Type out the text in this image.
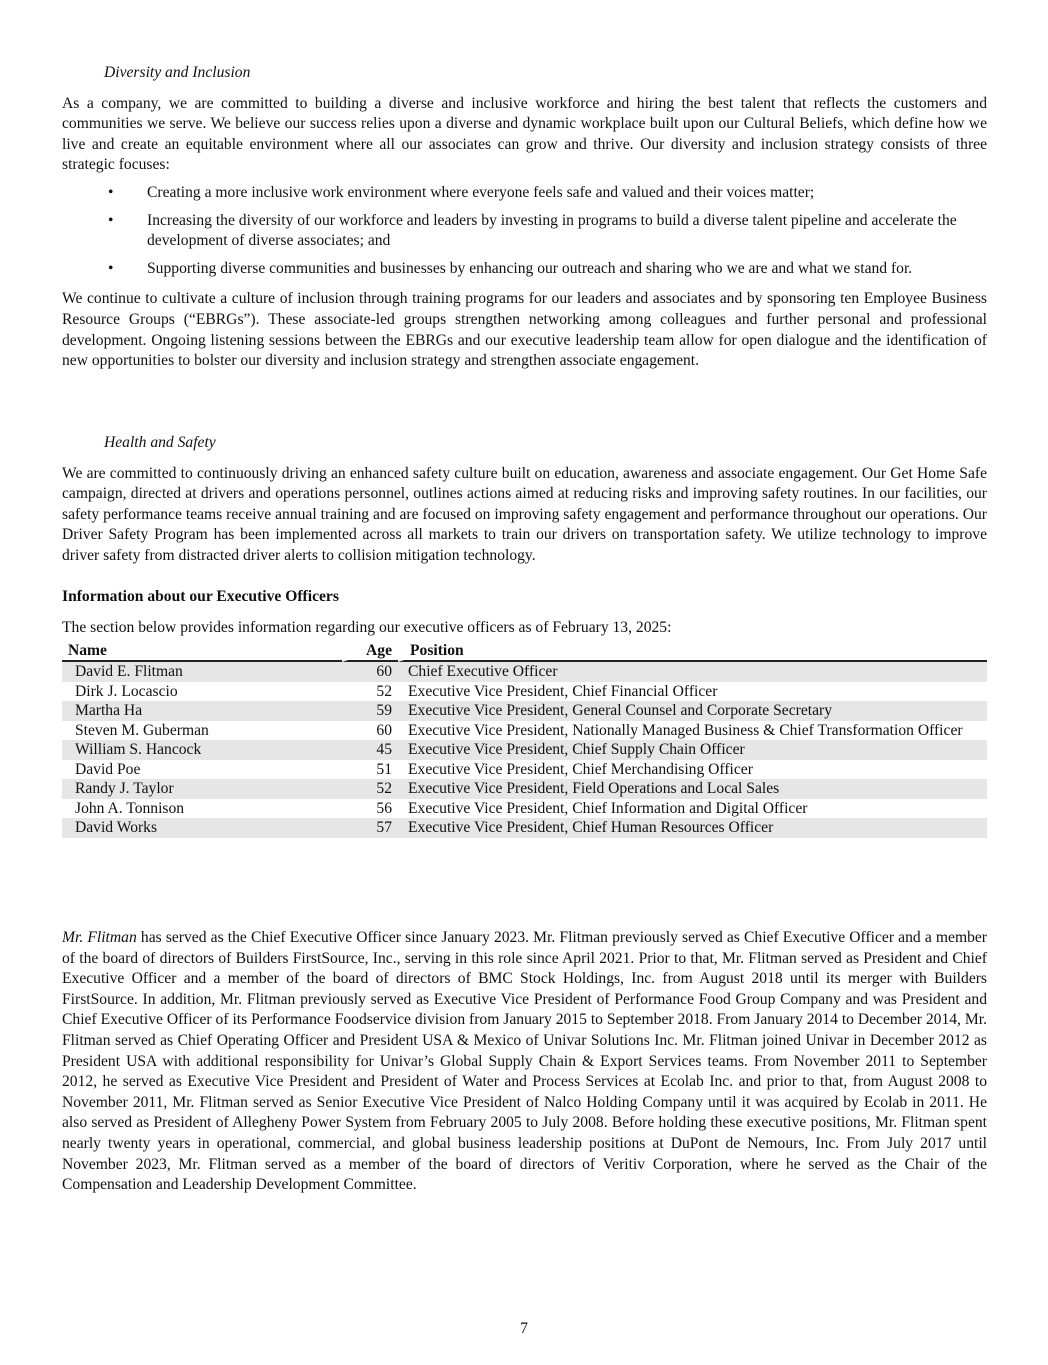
Diversity and Inclusion

As a company, we are committed to building a diverse and inclusive workforce and hiring the best talent that reflects the customers and communities we serve. We believe our success relies upon a diverse and dynamic workplace built upon our Cultural Beliefs, which define how we live and create an equitable environment where all our associates can grow and thrive. Our diversity and inclusion strategy consists of three strategic focuses:

• Creating a more inclusive work environment where everyone feels safe and valued and their voices matter;
• Increasing the diversity of our workforce and leaders by investing in programs to build a diverse talent pipeline and accelerate the development of diverse associates; and
• Supporting diverse communities and businesses by enhancing our outreach and sharing who we are and what we stand for.

We continue to cultivate a culture of inclusion through training programs for our leaders and associates and by sponsoring ten Employee Business Resource Groups (“EBRGs”). These associate-led groups strengthen networking among colleagues and further personal and professional development. Ongoing listening sessions between the EBRGs and our executive leadership team allow for open dialogue and the identification of new opportunities to bolster our diversity and inclusion strategy and strengthen associate engagement.

Health and Safety

We are committed to continuously driving an enhanced safety culture built on education, awareness and associate engagement. Our Get Home Safe campaign, directed at drivers and operations personnel, outlines actions aimed at reducing risks and improving safety routines. In our facilities, our safety performance teams receive annual training and are focused on improving safety engagement and performance throughout our operations. Our Driver Safety Program has been implemented across all markets to train our drivers on transportation safety. We utilize technology to improve driver safety from distracted driver alerts to collision mitigation technology.

Information about our Executive Officers

The section below provides information regarding our executive officers as of February 13, 2025:

Name	Age	Position
David E. Flitman	60	Chief Executive Officer
Dirk J. Locascio	52	Executive Vice President, Chief Financial Officer
Martha Ha	59	Executive Vice President, General Counsel and Corporate Secretary
Steven M. Guberman	60	Executive Vice President, Nationally Managed Business & Chief Transformation Officer
William S. Hancock	45	Executive Vice President, Chief Supply Chain Officer
David Poe	51	Executive Vice President, Chief Merchandising Officer
Randy J. Taylor	52	Executive Vice President, Field Operations and Local Sales
John A. Tonnison	56	Executive Vice President, Chief Information and Digital Officer
David Works	57	Executive Vice President, Chief Human Resources Officer

Mr. Flitman has served as the Chief Executive Officer since January 2023. Mr. Flitman previously served as Chief Executive Officer and a member of the board of directors of Builders FirstSource, Inc., serving in this role since April 2021. Prior to that, Mr. Flitman served as President and Chief Executive Officer and a member of the board of directors of BMC Stock Holdings, Inc. from August 2018 until its merger with Builders FirstSource. In addition, Mr. Flitman previously served as Executive Vice President of Performance Food Group Company and was President and Chief Executive Officer of its Performance Foodservice division from January 2015 to September 2018. From January 2014 to December 2014, Mr. Flitman served as Chief Operating Officer and President USA & Mexico of Univar Solutions Inc. Mr. Flitman joined Univar in December 2012 as President USA with additional responsibility for Univar’s Global Supply Chain & Export Services teams. From November 2011 to September 2012, he served as Executive Vice President and President of Water and Process Services at Ecolab Inc. and prior to that, from August 2008 to November 2011, Mr. Flitman served as Senior Executive Vice President of Nalco Holding Company until it was acquired by Ecolab in 2011. He also served as President of Allegheny Power System from February 2005 to July 2008. Before holding these executive positions, Mr. Flitman spent nearly twenty years in operational, commercial, and global business leadership positions at DuPont de Nemours, Inc. From July 2017 until November 2023, Mr. Flitman served as a member of the board of directors of Veritiv Corporation, where he served as the Chair of the Compensation and Leadership Development Committee.

7
